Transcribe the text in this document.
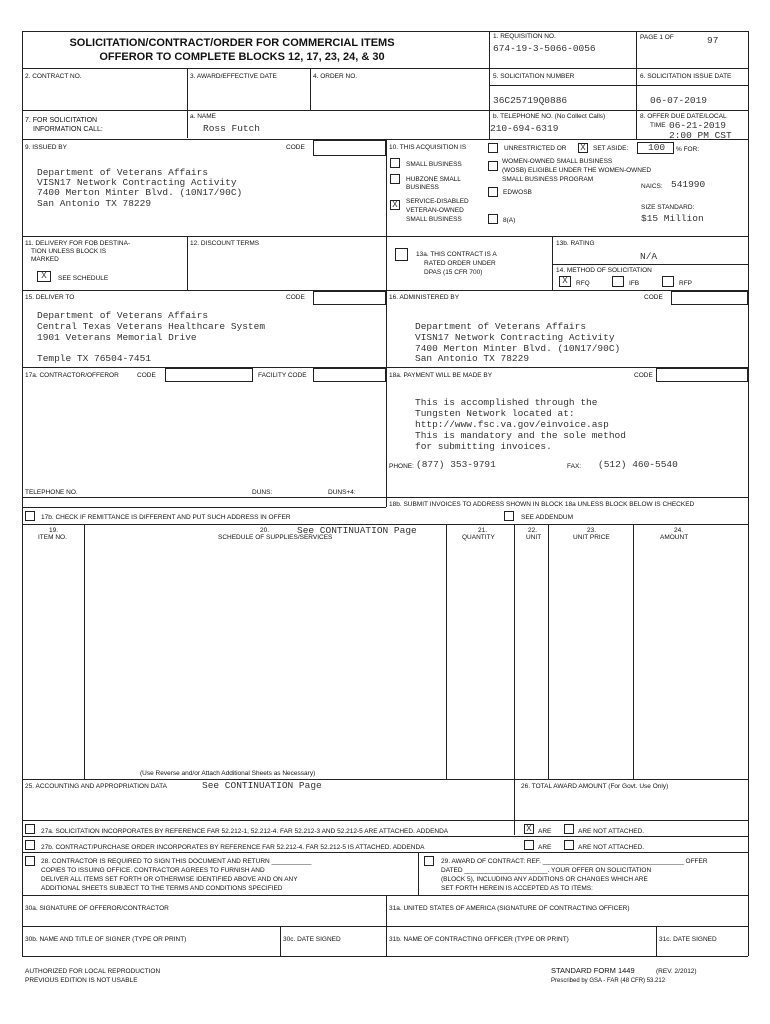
SOLICITATION/CONTRACT/ORDER FOR COMMERCIAL ITEMS
OFFEROR TO COMPLETE BLOCKS 12, 17, 23, 24, & 30
1. REQUISITION NO.
674-19-3-5066-0056
PAGE 1 OF	97
2. CONTRACT NO.	3. AWARD/EFFECTIVE DATE	4. ORDER NO.	5. SOLICITATION NUMBER
36C25719Q0886
6. SOLICITATION ISSUE DATE
06-07-2019
7. FOR SOLICITATION
INFORMATION CALL:
a. NAME
Ross Futch
b. TELEPHONE NO. (No Collect Calls)
210-694-6319
8. OFFER DUE DATE/LOCAL
TIME 06-21-2019
2:00 PM CST
9. ISSUED BY	CODE
Department of Veterans Affairs
VISN17 Network Contracting Activity
7400 Merton Minter Blvd. (10N17/90C)
San Antonio TX 78229
10. THIS ACQUISITION IS	UNRESTRICTED OR X	SET ASIDE: 100 % FOR:
SMALL BUSINESS
HUBZONE SMALL
BUSINESS
X	SERVICE-DISABLED
VETERAN-OWNED
SMALL BUSINESS
WOMEN-OWNED SMALL BUSINESS
(WOSB) ELIGIBLE UNDER THE WOMEN-OWNED
SMALL BUSINESS PROGRAM
EDWOSB
8(A)
NAICS: 541990
SIZE STANDARD:
$15 Million
11. DELIVERY FOR FOB DESTINA-
TION UNLESS BLOCK IS
MARKED
X	SEE SCHEDULE
12. DISCOUNT TERMS
13a. THIS CONTRACT IS A
RATED ORDER UNDER
DPAS (15 CFR 700)
13b. RATING
N/A
14. METHOD OF SOLICITATION
X	RFQ	IFB	RFP
15. DELIVER TO	CODE
Department of Veterans Affairs
Central Texas Veterans Healthcare System
1901 Veterans Memorial Drive
Temple TX 76504-7451
16. ADMINISTERED BY	CODE
Department of Veterans Affairs
VISN17 Network Contracting Activity
7400 Merton Minter Blvd. (10N17/90C)
San Antonio TX 78229
17a. CONTRACTOR/OFFEROR	CODE	FACILITY CODE
TELEPHONE NO.	DUNS:	DUNS+4:
17b. CHECK IF REMITTANCE IS DIFFERENT AND PUT SUCH ADDRESS IN OFFER
18a. PAYMENT WILL BE MADE BY	CODE
This is accomplished through the
Tungsten Network located at:
http://www.fsc.va.gov/einvoice.asp
This is mandatory and the sole method
for submitting invoices.
PHONE: (877) 353-9791	FAX: (512) 460-5540
18b. SUBMIT INVOICES TO ADDRESS SHOWN IN BLOCK 18a UNLESS BLOCK BELOW IS CHECKED
SEE ADDENDUM
19.
ITEM NO.
20.
SCHEDULE OF SUPPLIES/SERVICES
See CONTINUATION Page	21.
QUANTITY
22.
UNIT
23.
UNIT PRICE
24.
AMOUNT
(Use Reverse and/or Attach Additional Sheets as Necessary)
25. ACCOUNTING AND APPROPRIATION DATA	See CONTINUATION Page	26. TOTAL AWARD AMOUNT (For Govt. Use Only)
27a. SOLICITATION INCORPORATES BY REFERENCE FAR 52.212-1, 52.212-4. FAR 52.212-3 AND 52.212-5 ARE ATTACHED. ADDENDA	X ARE	ARE NOT ATTACHED.
27b. CONTRACT/PURCHASE ORDER INCORPORATES BY REFERENCE FAR 52.212-4. FAR 52.212-5 IS ATTACHED. ADDENDA	ARE	ARE NOT ATTACHED.
28. CONTRACTOR IS REQUIRED TO SIGN THIS DOCUMENT AND RETURN ___________
COPIES TO ISSUING OFFICE. CONTRACTOR AGREES TO FURNISH AND
DELIVER ALL ITEMS SET FORTH OR OTHERWISE IDENTIFIED ABOVE AND ON ANY
ADDITIONAL SHEETS SUBJECT TO THE TERMS AND CONDITIONS SPECIFIED
29. AWARD OF CONTRACT: REF. _______________________________________ OFFER
DATED _______________________. YOUR OFFER ON SOLICITATION
(BLOCK 5), INCLUDING ANY ADDITIONS OR CHANGES WHICH ARE
SET FORTH HEREIN IS ACCEPTED AS TO ITEMS:
30a. SIGNATURE OF OFFEROR/CONTRACTOR	31a. UNITED STATES OF AMERICA (SIGNATURE OF CONTRACTING OFFICER)
30b. NAME AND TITLE OF SIGNER (TYPE OR PRINT)	30c. DATE SIGNED	31b. NAME OF CONTRACTING OFFICER (TYPE OR PRINT)	31c. DATE SIGNED
AUTHORIZED FOR LOCAL REPRODUCTION
PREVIOUS EDITION IS NOT USABLE
STANDARD FORM 1449	(REV. 2/2012)
Prescribed by GSA - FAR (48 CFR) 53.212
